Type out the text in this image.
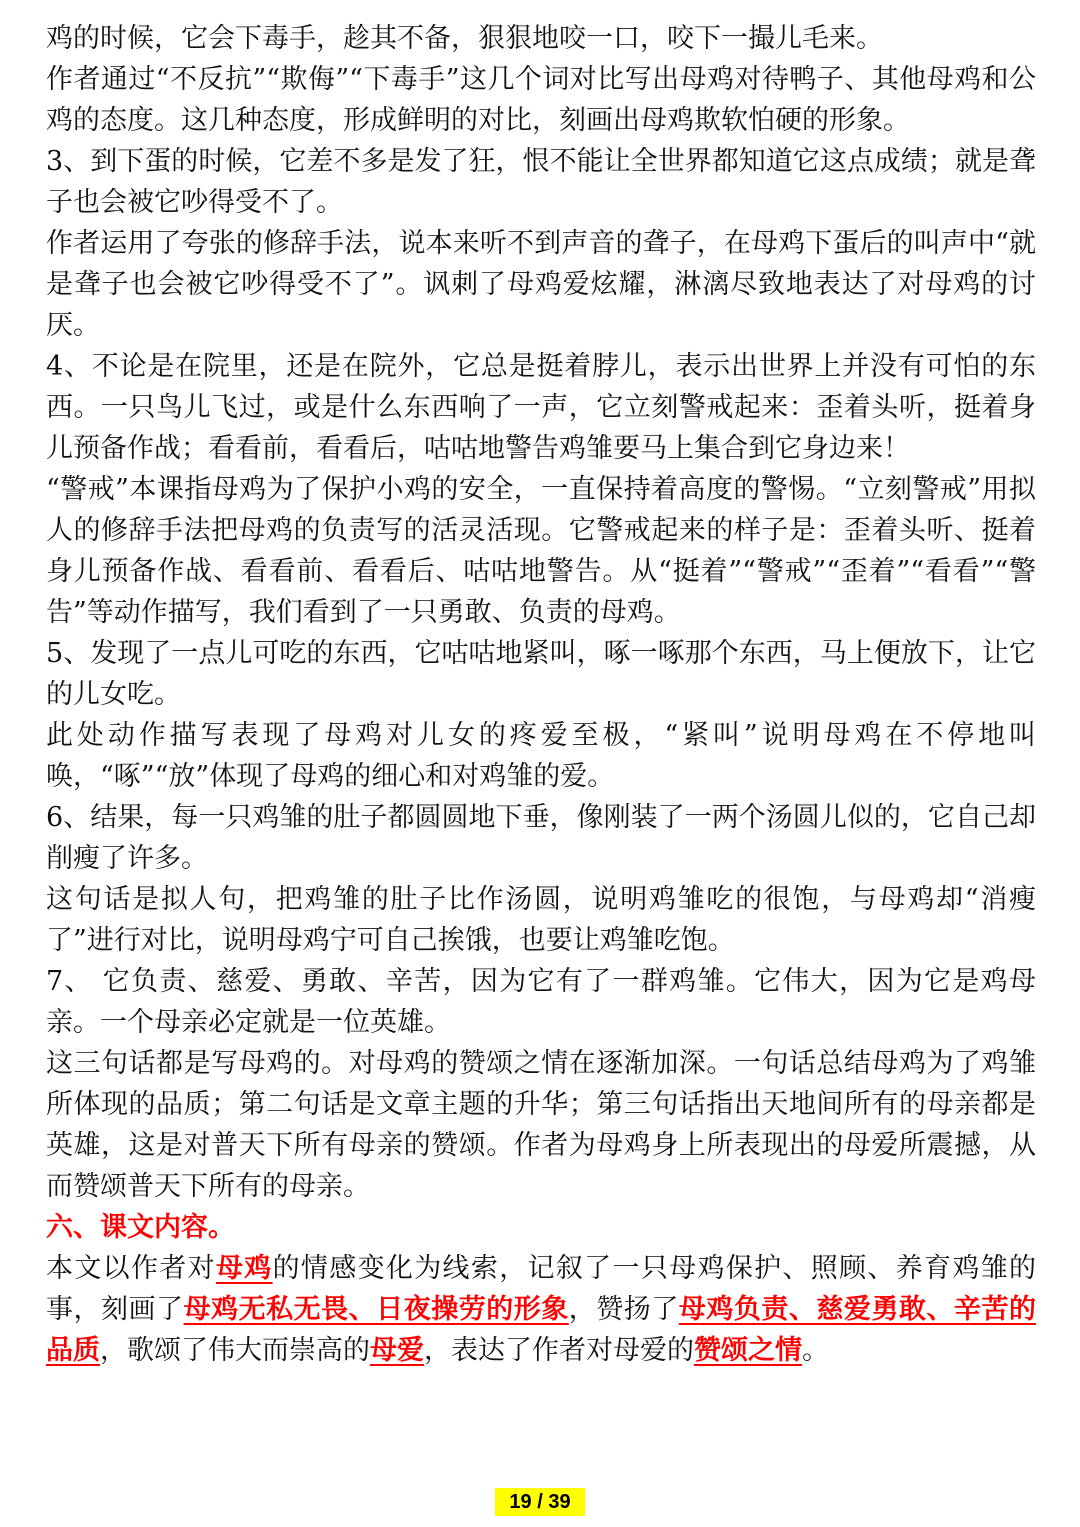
鸡的时候，它会下毒手，趁其不备，狠狠地咬一口，咬下一撮儿毛来。

作者通过“不反抗”“欺侮”“下毒手”这几个词对比写出母鸡对待鸭子、其他母鸡和公鸡的态度。这几种态度，形成鲜明的对比，刻画出母鸡欺软怕硬的形象。

3、到下蛋的时候，它差不多是发了狂，恨不能让全世界都知道它这点成绩；就是聋子也会被它吵得受不了。

作者运用了夸张的修辞手法，说本来听不到声音的聋子，在母鸡下蛋后的叫声中“就是聋子也会被它吵得受不了”。讽刺了母鸡爱炫耀，淋漓尽致地表达了对母鸡的讨厌。

4、不论是在院里，还是在院外，它总是挺着脖儿，表示出世界上并没有可怕的东西。一只鸟儿飞过，或是什么东西响了一声，它立刻警戒起来：歪着头听，挺着身儿预备作战；看看前，看看后，咕咕地警告鸡雏要马上集合到它身边来！

“警戒”本课指母鸡为了保护小鸡的安全，一直保持着高度的警惕。“立刻警戒”用拟人的修辞手法把母鸡的负责写的活灵活现。它警戒起来的样子是：歪着头听、挺着身儿预备作战、看看前、看看后、咕咕地警告。从“挺着”“警戒”“歪着”“看看”“警告”等动作描写，我们看到了一只勇敢、负责的母鸡。

5、发现了一点儿可吃的东西，它咕咕地紧叫，啄一啄那个东西，马上便放下，让它的儿女吃。

此处动作描写表现了母鸡对儿女的疼爱至极，“紧叫”说明母鸡在不停地叫唤，“啄”“放”体现了母鸡的细心和对鸡雏的爱。

6、结果，每一只鸡雏的肚子都圆圆地下垂，像刚装了一两个汤圆儿似的，它自己却削瘦了许多。

这句话是拟人句，把鸡雏的肚子比作汤圆，说明鸡雏吃的很饱，与母鸡却“消瘦了”进行对比，说明母鸡宁可自己挨饿，也要让鸡雏吃饱。

7、 它负责、慈爱、勇敢、辛苦，因为它有了一群鸡雏。它伟大，因为它是鸡母亲。一个母亲必定就是一位英雄。

这三句话都是写母鸡的。对母鸡的赞颂之情在逐渐加深。一句话总结母鸡为了鸡雏所体现的品质；第二句话是文章主题的升华；第三句话指出天地间所有的母亲都是英雄，这是对普天下所有母亲的赞颂。作者为母鸡身上所表现出的母爱所震撼，从而赞颂普天下所有的母亲。

六、课文内容。

本文以作者对母鸡的情感变化为线索，记叙了一只母鸡保护、照顾、养育鸡雏的事，刻画了母鸡无私无畏、日夜操劳的形象，赞扬了母鸡负责、慈爱勇敢、辛苦的品质，歌颂了伟大而崇高的母爱，表达了作者对母爱的赞颂之情。

19 / 39
